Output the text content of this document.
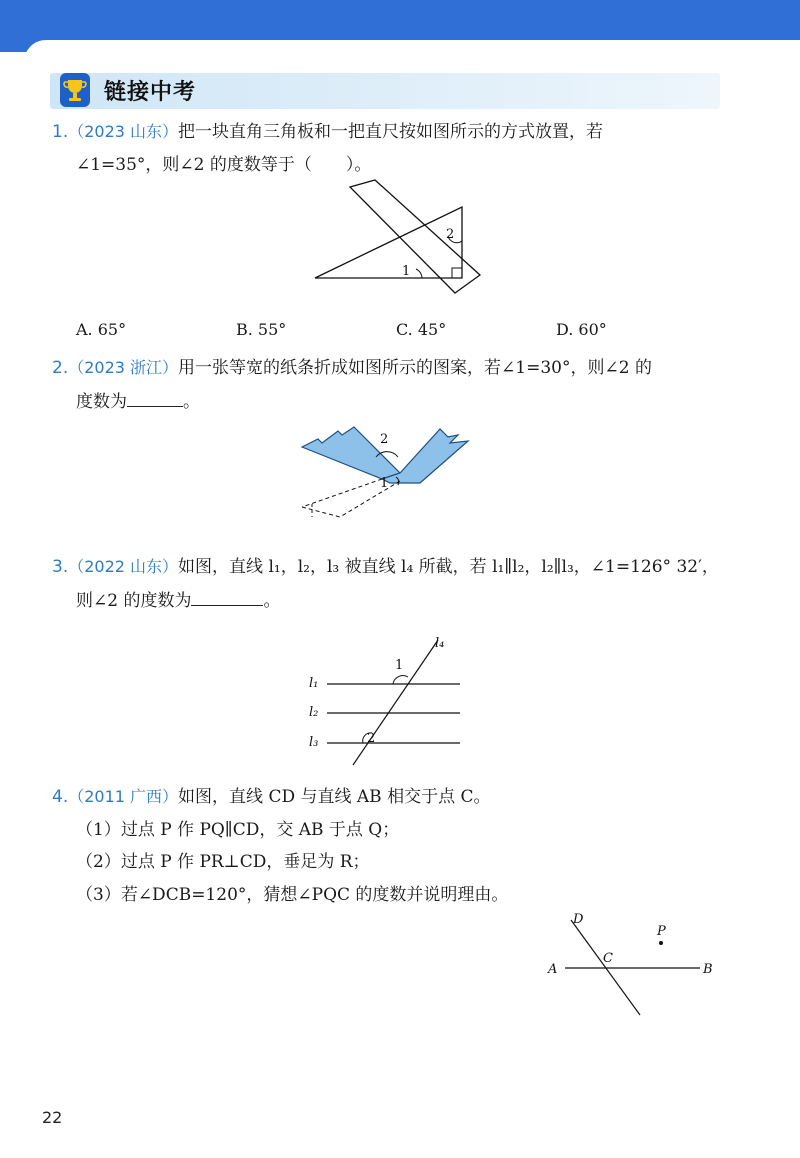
链接中考
1.（2023 山东）把一块直角三角板和一把直尺按如图所示的方式放置，若
∠1=35°，则∠2 的度数等于（　　）。
1
2
A. 65°	B. 55°	C. 45°	D. 60°
2.（2023 浙江）用一张等宽的纸条折成如图所示的图案，若∠1=30°，则∠2 的
度数为	。
2
1
3.（2022 山东）如图，直线 l₁，l₂，l₃ 被直线 l₄ 所截，若 l₁∥l₂，l₂∥l₃，∠1=126° 32′，
则∠2 的度数为	。
l₁
l₂
l₃
l₄
1
2
4.（2011 广西）如图，直线 CD 与直线 AB 相交于点 C。
（1）过点 P 作 PQ∥CD，交 AB 于点 Q；
（2）过点 P 作 PR⊥CD，垂足为 R；
（3）若∠DCB=120°，猜想∠PQC 的度数并说明理由。
A	B
C
D
P
22
